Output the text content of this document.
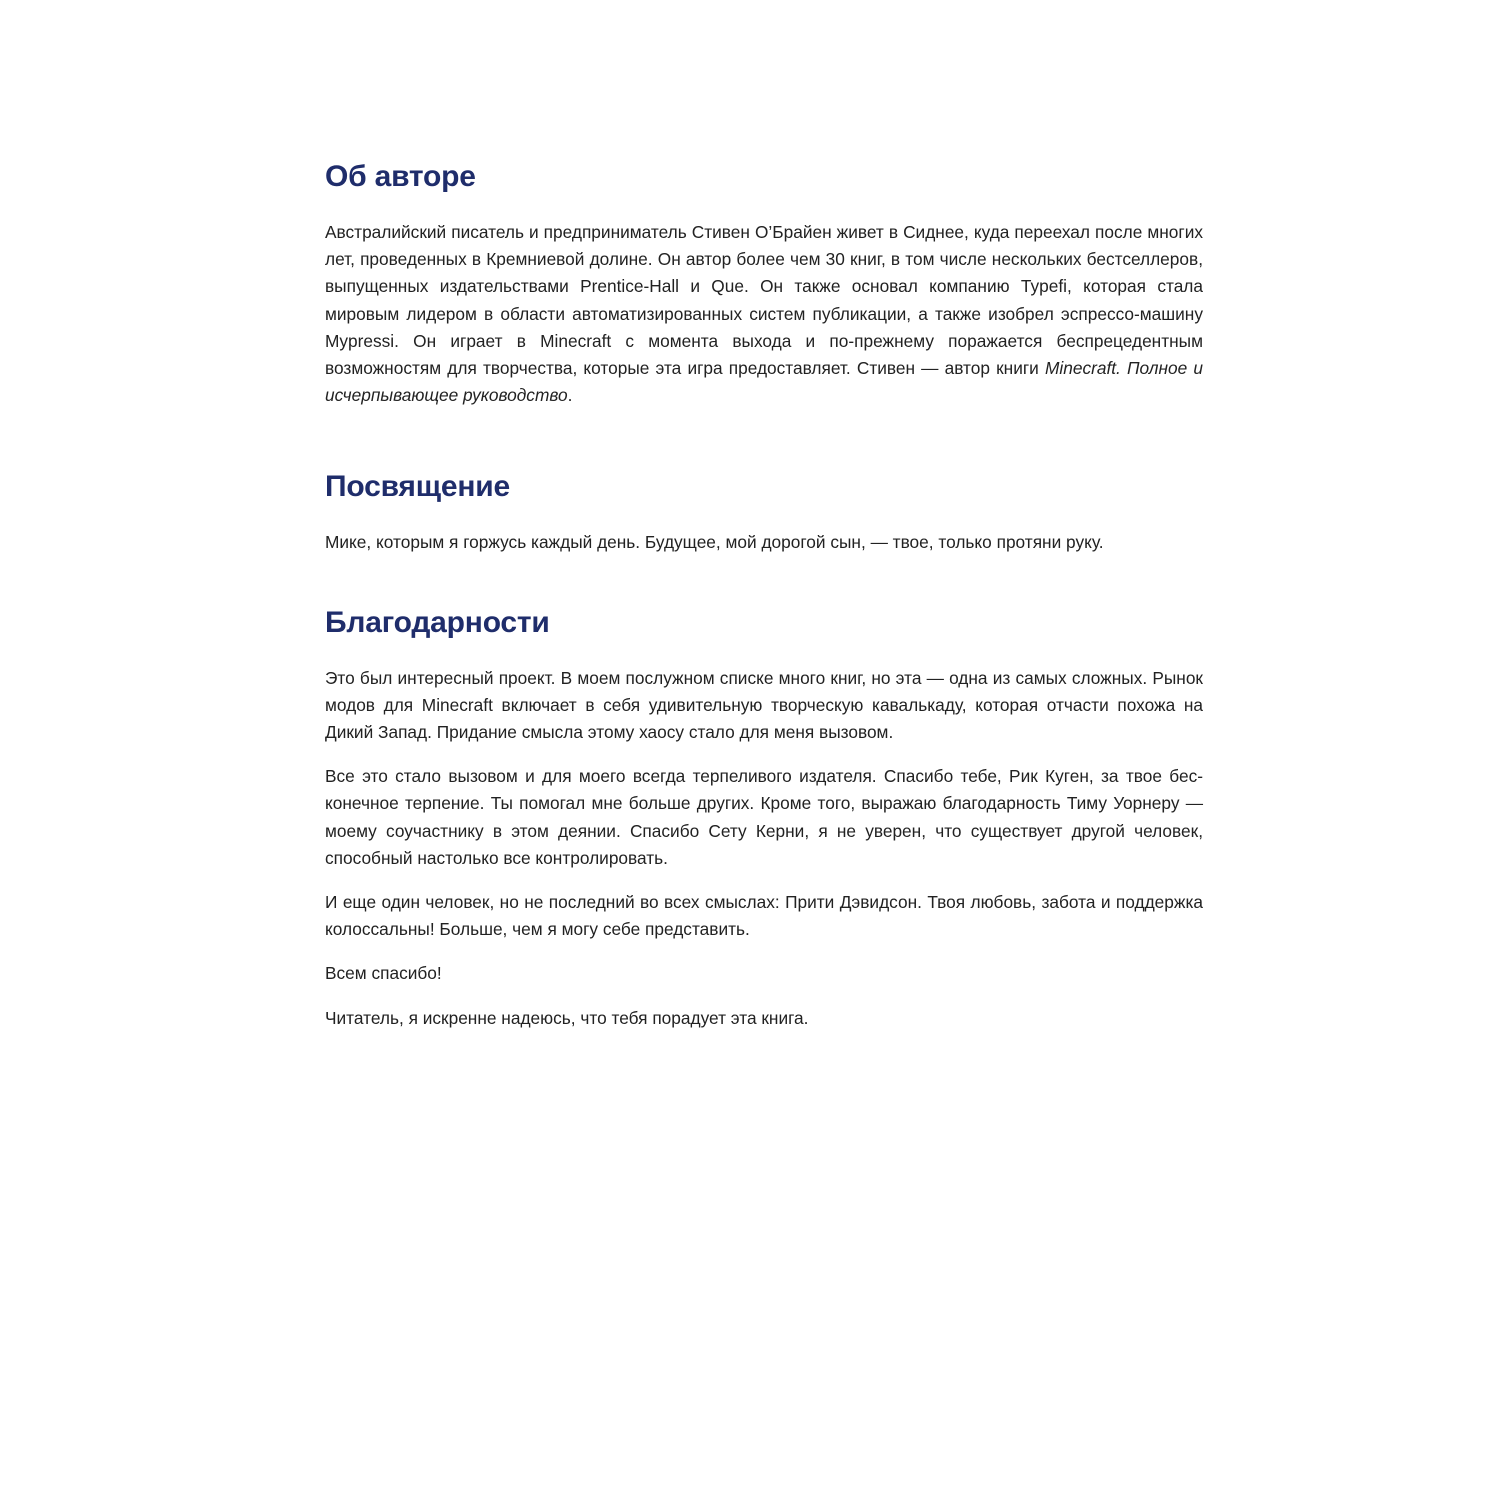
Об авторе

Австралийский писатель и предприниматель Стивен О’Брайен живет в Сиднее, куда переехал после многих лет, проведенных в Кремниевой долине. Он автор более чем 30 книг, в том числе нескольких бестселлеров, выпущенных издательствами Prentice-Hall и Que. Он также основал компанию Typefi, которая стала мировым лидером в области автоматизированных систем публикации, а также изобрел эспрессо-машину Mypressi. Он играет в Minecraft с момента выхода и по-прежнему поражается беспрецедентным возможностям для творчества, которые эта игра предоставляет. Стивен — автор книги Minecraft. Полное и исчерпывающее руководство.

Посвящение

Мике, которым я горжусь каждый день. Будущее, мой дорогой сын, — твое, только протяни руку.

Благодарности

Это был интересный проект. В моем послужном списке много книг, но эта — одна из самых сложных. Рынок модов для Minecraft включает в себя удивительную творческую кавалькаду, которая отчасти похожа на Дикий Запад. Придание смысла этому хаосу стало для меня вызовом.

Все это стало вызовом и для моего всегда терпеливого издателя. Спасибо тебе, Рик Куген, за твое бесконечное терпение. Ты помогал мне больше других. Кроме того, выражаю благодарность Тиму Уорнеру — моему соучастнику в этом деянии. Спасибо Сету Керни, я не уверен, что существует другой человек, способный настолько все контролировать.

И еще один человек, но не последний во всех смыслах: Прити Дэвидсон. Твоя любовь, забота и поддержка колоссальны! Больше, чем я могу себе представить.

Всем спасибо!

Читатель, я искренне надеюсь, что тебя порадует эта книга.
